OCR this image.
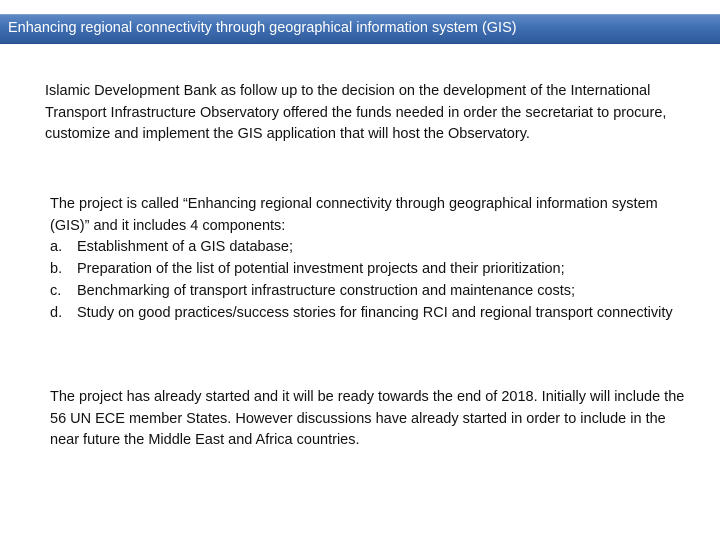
Enhancing regional connectivity through geographical information system (GIS)
Islamic Development Bank as follow up to the decision on the development of the International Transport Infrastructure Observatory offered the funds needed in order the secretariat to procure, customize and implement the GIS application that will host the Observatory.
The project is called “Enhancing regional connectivity through geographical information system (GIS)” and it includes 4 components:
a. Establishment of a GIS database;
b. Preparation of the list of potential investment projects and their prioritization;
c. Benchmarking of transport infrastructure construction and maintenance costs;
d. Study on good practices/success stories for financing RCI and regional transport connectivity
The project has already started and it will be ready towards the end of 2018. Initially will include the 56 UN ECE member States. However discussions have already started in order to include in the near future the Middle East and Africa countries.
